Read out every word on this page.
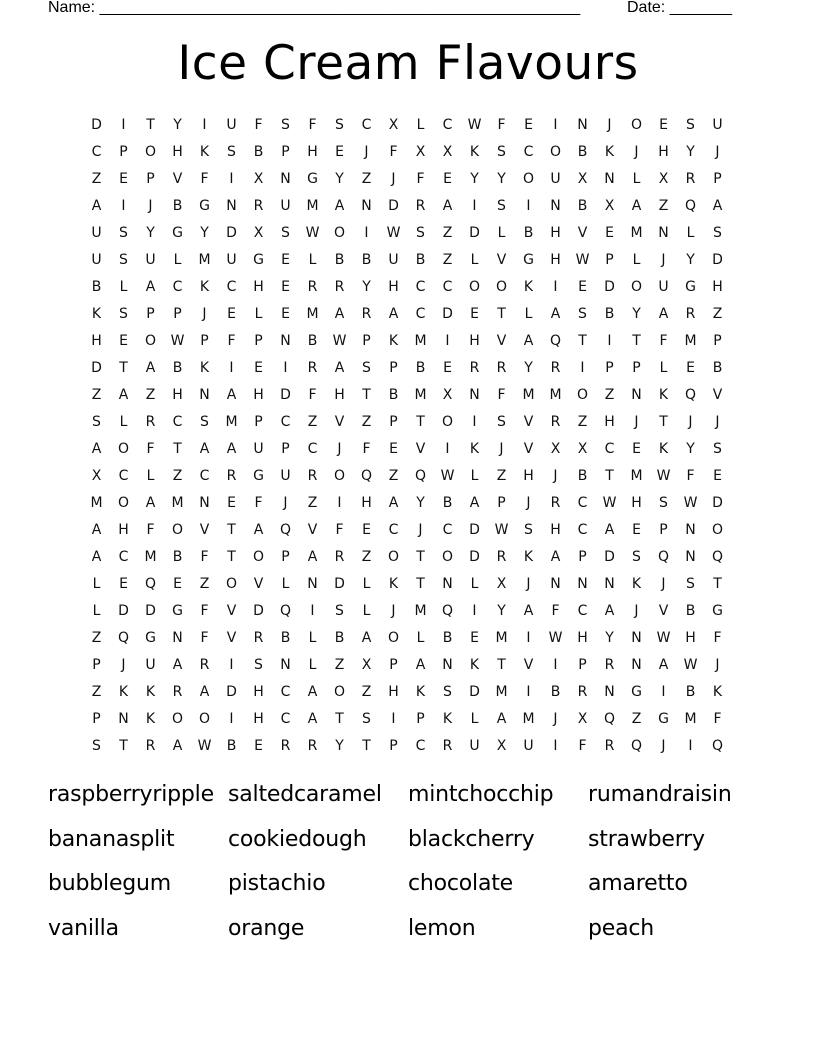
Name: ______________________________________________________	Date: _______
Ice Cream Flavours
D	I	T	Y	I	U	F	S	F	S	C	X	L	C	W	F	E	I	N	J	O	E	S	U
C	P	O	H	K	S	B	P	H	E	J	F	X	X	K	S	C	O	B	K	J	H	Y	J
Z	E	P	V	F	I	X	N	G	Y	Z	J	F	E	Y	Y	O	U	X	N	L	X	R	P
A	I	J	B	G	N	R	U	M	A	N	D	R	A	I	S	I	N	B	X	A	Z	Q	A
U	S	Y	G	Y	D	X	S	W	O	I	W	S	Z	D	L	B	H	V	E	M	N	L	S
U	S	U	L	M	U	G	E	L	B	B	U	B	Z	L	V	G	H	W	P	L	J	Y	D
B	L	A	C	K	C	H	E	R	R	Y	H	C	C	O	O	K	I	E	D	O	U	G	H
K	S	P	P	J	E	L	E	M	A	R	A	C	D	E	T	L	A	S	B	Y	A	R	Z
H	E	O	W	P	F	P	N	B	W	P	K	M	I	H	V	A	Q	T	I	T	F	M	P
D	T	A	B	K	I	E	I	R	A	S	P	B	E	R	R	Y	R	I	P	P	L	E	B
Z	A	Z	H	N	A	H	D	F	H	T	B	M	X	N	F	M	M	O	Z	N	K	Q	V
S	L	R	C	S	M	P	C	Z	V	Z	P	T	O	I	S	V	R	Z	H	J	T	J	J
A	O	F	T	A	A	U	P	C	J	F	E	V	I	K	J	V	X	X	C	E	K	Y	S
X	C	L	Z	C	R	G	U	R	O	Q	Z	Q	W	L	Z	H	J	B	T	M	W	F	E
M	O	A	M	N	E	F	J	Z	I	H	A	Y	B	A	P	J	R	C	W	H	S	W	D
A	H	F	O	V	T	A	Q	V	F	E	C	J	C	D	W	S	H	C	A	E	P	N	O
A	C	M	B	F	T	O	P	A	R	Z	O	T	O	D	R	K	A	P	D	S	Q	N	Q
L	E	Q	E	Z	O	V	L	N	D	L	K	T	N	L	X	J	N	N	N	K	J	S	T
L	D	D	G	F	V	D	Q	I	S	L	J	M	Q	I	Y	A	F	C	A	J	V	B	G
Z	Q	G	N	F	V	R	B	L	B	A	O	L	B	E	M	I	W	H	Y	N	W	H	F
P	J	U	A	R	I	S	N	L	Z	X	P	A	N	K	T	V	I	P	R	N	A	W	J
Z	K	K	R	A	D	H	C	A	O	Z	H	K	S	D	M	I	B	R	N	G	I	B	K
P	N	K	O	O	I	H	C	A	T	S	I	P	K	L	A	M	J	X	Q	Z	G	M	F
S	T	R	A	W	B	E	R	R	Y	T	P	C	R	U	X	U	I	F	R	Q	J	I	Q
raspberryripple saltedcaramel	mintchocchip	rumandraisin
bananasplit	cookiedough	blackcherry	strawberry
bubblegum	pistachio	chocolate	amaretto
vanilla	orange	lemon	peach
